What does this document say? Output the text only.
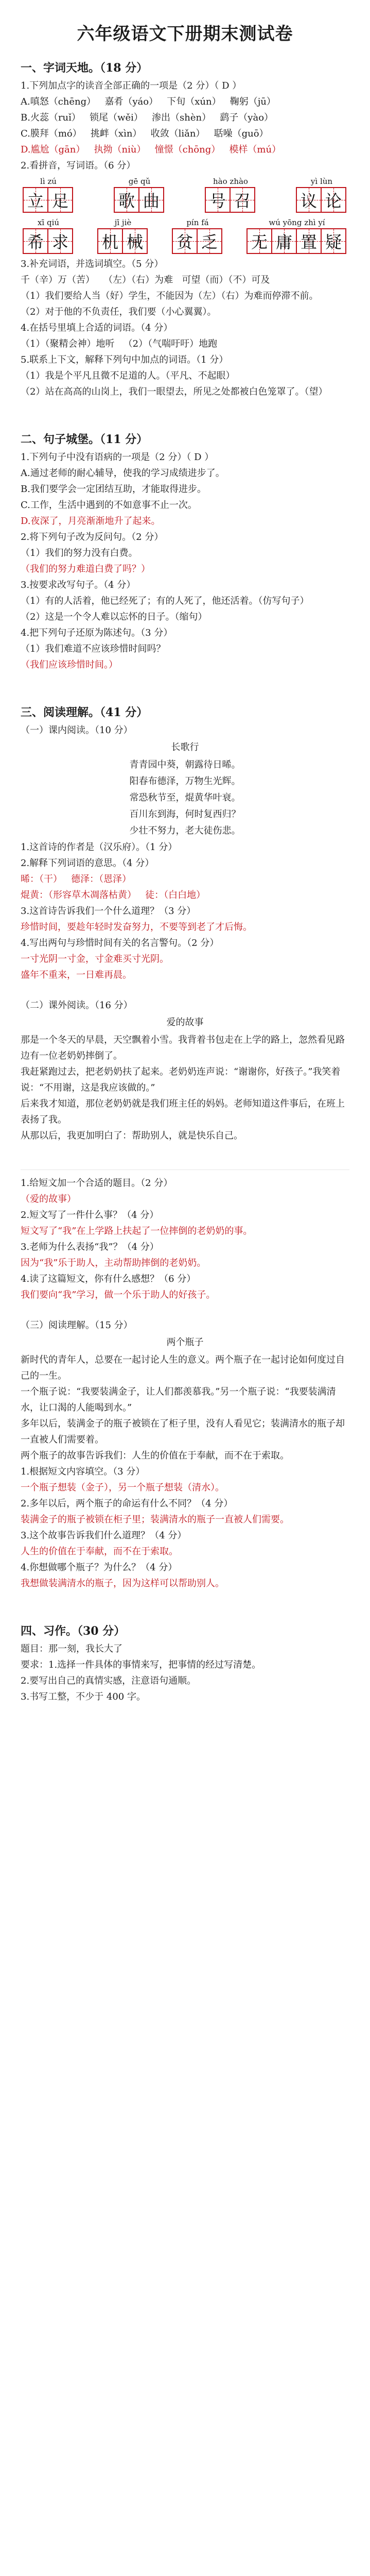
六年级语文下册期末测试卷
一、字词天地。（18 分）
1.下列加点字的读音全部正确的一项是（2 分）（ D ）
A.嗔怒（chēng）   嘉肴（yáo）   下旬（xún）   鞠躬（jū）
B.火蕊（ruǐ）   锁尾（wěi）   渗出（shèn）   鹞子（yào）
C.膜拜（mó）   挑衅（xìn）   收敛（liǎn）   聒噪（guō）
D.尴尬（gān）   执拗（niù）   憧憬（chōng）   模样（mú）
2.看拼音，写词语。（6 分）
lì zú
立 足
gē qǔ
歌 曲
hào zhào
号 召
yì lùn
议 论
xī qiú
希 求
jī jiè
机 械
pín fá
贫 乏
wú yōng zhì yí
无 庸 置 疑
3.补充词语，并选词填空。（5 分）
千（辛）万（苦）   （左）（右）为难   可望（而）（不）可及
（1）我们要给人当（好）学生，不能因为（左）（右）为难而停滞不前。
（2）对于他的不负责任，我们要（小心翼翼）。
4.在括号里填上合适的词语。（4 分）
（1）（聚精会神）地听   （2）（气喘吁吁）地跑
5.联系上下文，解释下列句中加点的词语。（1 分）
（1）我是个平凡且微不足道的人。（平凡、不起眼）
（2）站在高高的山岗上，我们一眼望去，所见之处都被白色笼罩了。（望）
二、句子城堡。（11 分）
1.下列句子中没有语病的一项是（2 分）（ D ）
A.通过老师的耐心辅导，使我的学习成绩进步了。
B.我们要学会一定团结互助，才能取得进步。
C.工作，生活中遇到的不如意事不止一次。
D.夜深了，月亮渐渐地升了起来。
2.将下列句子改为反问句。（2 分）
（1）我们的努力没有白费。
（我们的努力难道白费了吗？）
3.按要求改写句子。（4 分）
（1）有的人活着，他已经死了；有的人死了，他还活着。（仿写句子）
（2）这是一个令人难以忘怀的日子。（缩句）
4.把下列句子还原为陈述句。（3 分）
（1）我们难道不应该珍惜时间吗？
（我们应该珍惜时间。）
三、阅读理解。（41 分）
（一）课内阅读。（10 分）
长歌行
青青园中葵，朝露待日晞。
阳春布德泽，万物生光辉。
常恐秋节至，焜黄华叶衰。
百川东到海，何时复西归？
少壮不努力，老大徒伤悲。
1.这首诗的作者是（汉乐府）。（1 分）
2.解释下列词语的意思。（4 分）
晞：（干）   德泽：（恩泽）
焜黄：（形容草木凋落枯黄）   徒：（白白地）
3.这首诗告诉我们一个什么道理？（3 分）
珍惜时间，要趁年轻时发奋努力，不要等到老了才后悔。
4.写出两句与珍惜时间有关的名言警句。（2 分）
一寸光阴一寸金，寸金难买寸光阴。
盛年不重来，一日难再晨。
（二）课外阅读。（16 分）
爱的故事
那是一个冬天的早晨，天空飘着小雪。我背着书包走在上学的路上，忽然看见路边有一位老奶奶摔倒了。
我赶紧跑过去，把老奶奶扶了起来。老奶奶连声说：“谢谢你，好孩子。”我笑着说：“不用谢，这是我应该做的。”
后来我才知道，那位老奶奶就是我们班主任的妈妈。老师知道这件事后，在班上表扬了我。
从那以后，我更加明白了：帮助别人，就是快乐自己。
1.给短文加一个合适的题目。（2 分）
（爱的故事）
2.短文写了一件什么事？（4 分）
短文写了“我”在上学路上扶起了一位摔倒的老奶奶的事。
3.老师为什么表扬“我”？（4 分）
因为“我”乐于助人，主动帮助摔倒的老奶奶。
4.读了这篇短文，你有什么感想？（6 分）
我们要向“我”学习，做一个乐于助人的好孩子。
（三）阅读理解。（15 分）
两个瓶子
新时代的青年人，总要在一起讨论人生的意义。两个瓶子在一起讨论如何度过自己的一生。
一个瓶子说：“我要装满金子，让人们都羡慕我。”另一个瓶子说：“我要装满清水，让口渴的人能喝到水。”
多年以后，装满金子的瓶子被锁在了柜子里，没有人看见它；装满清水的瓶子却一直被人们需要着。
两个瓶子的故事告诉我们：人生的价值在于奉献，而不在于索取。
1.根据短文内容填空。（3 分）
一个瓶子想装（金子），另一个瓶子想装（清水）。
2.多年以后，两个瓶子的命运有什么不同？（4 分）
装满金子的瓶子被锁在柜子里；装满清水的瓶子一直被人们需要。
3.这个故事告诉我们什么道理？（4 分）
人生的价值在于奉献，而不在于索取。
4.你想做哪个瓶子？为什么？（4 分）
我想做装满清水的瓶子，因为这样可以帮助别人。
四、习作。（30 分）
题目：那一刻，我长大了
要求：1.选择一件具体的事情来写，把事情的经过写清楚。
2.要写出自己的真情实感，注意语句通顺。
3.书写工整，不少于 400 字。
